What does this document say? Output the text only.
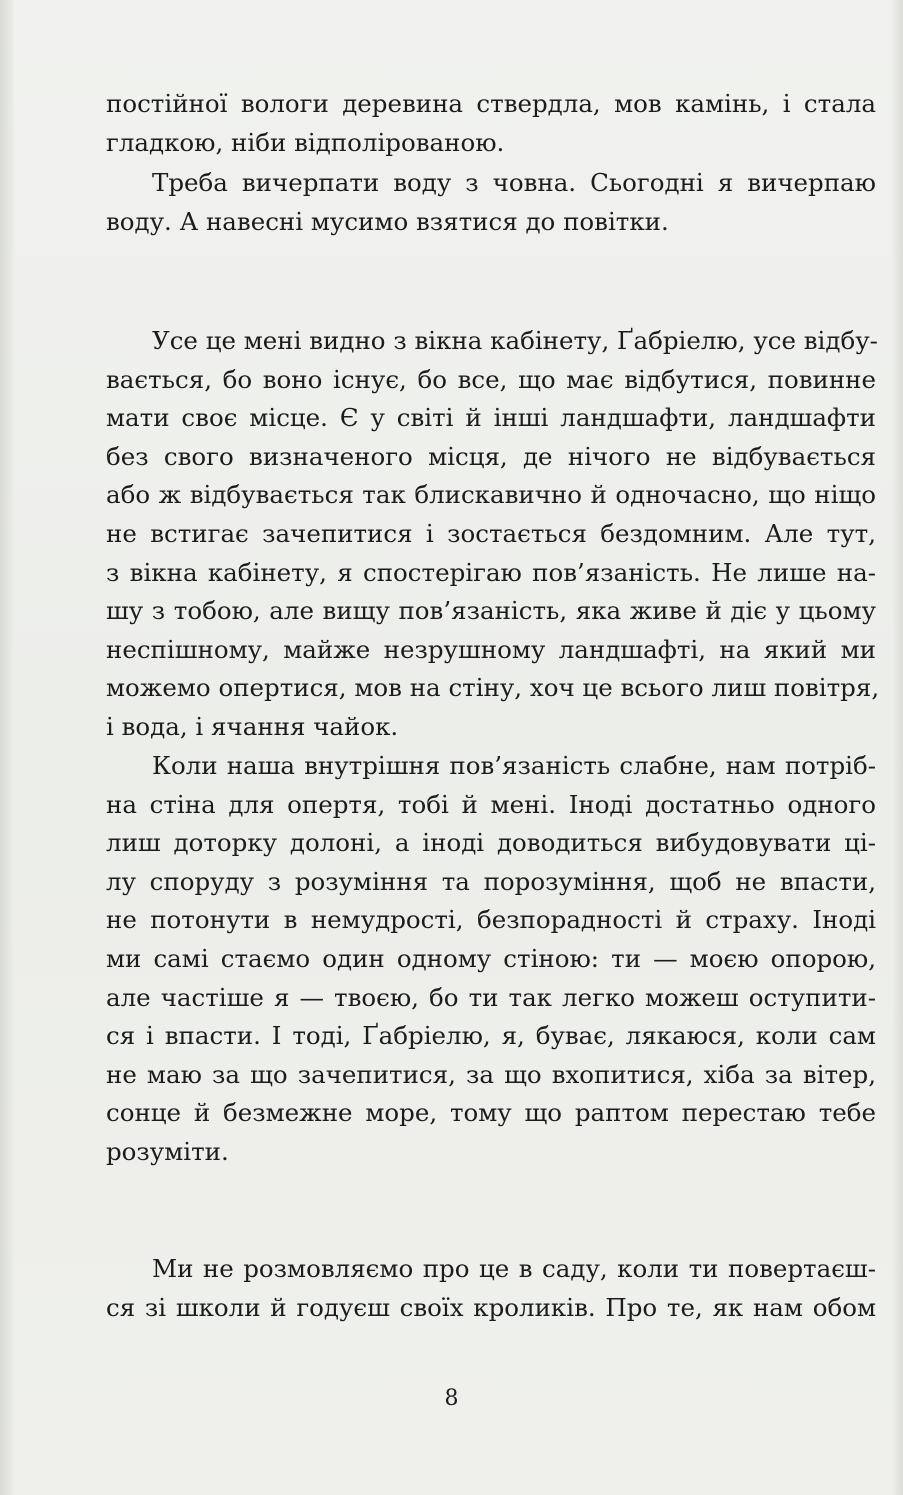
постійної вологи деревина ствердла, мов камінь, і стала
гладкою, ніби відполірованою.

Треба вичерпати воду з човна. Сьогодні я вичерпаю
воду. А навесні мусимо взятися до повітки.

Усе це мені видно з вікна кабінету, Ґабріелю, усе відбу-
вається, бо воно існує, бо все, що має відбутися, повинне
мати своє місце. Є у світі й інші ландшафти, ландшафти
без свого визначеного місця, де нічого не відбувається
або ж відбувається так блискавично й одночасно, що ніщо
не встигає зачепитися і зостається бездомним. Але тут,
з вікна кабінету, я спостерігаю пов’язаність. Не лише на-
шу з тобою, але вищу пов’язаність, яка живе й діє у цьому
неспішному, майже незрушному ландшафті, на який ми
можемо опертися, мов на стіну, хоч це всього лиш повітря,
і вода, і ячання чайок.

Коли наша внутрішня пов’язаність слабне, нам потріб-
на стіна для опертя, тобі й мені. Іноді достатньо одного
лиш доторку долоні, а іноді доводиться вибудовувати ці-
лу споруду з розуміння та порозуміння, щоб не впасти,
не потонути в немудрості, безпорадності й страху. Іноді
ми самі стаємо один одному стіною: ти — моєю опорою,
але частіше я — твоєю, бо ти так легко можеш оступити-
ся і впасти. І тоді, Ґабріелю, я, буває, лякаюся, коли сам
не маю за що зачепитися, за що вхопитися, хіба за вітер,
сонце й безмежне море, тому що раптом перестаю тебе
розуміти.

Ми не розмовляємо про це в саду, коли ти повертаєш-
ся зі школи й годуєш своїх кроликів. Про те, як нам обом

8
